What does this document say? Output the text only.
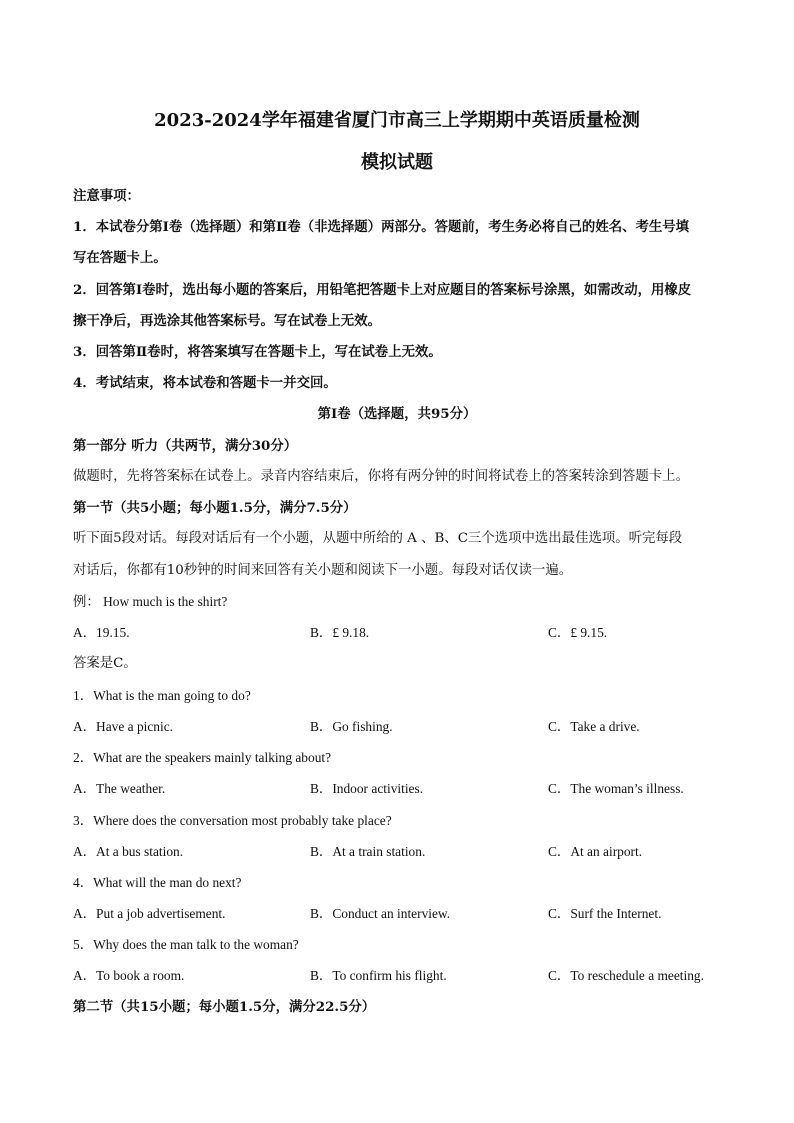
2023-2024学年福建省厦门市高三上学期期中英语质量检测
模拟试题
注意事项：
1．本试卷分第Ⅰ卷（选择题）和第Ⅱ卷（非选择题）两部分。答题前，考生务必将自己的姓名、考生号填
写在答题卡上。
2．回答第Ⅰ卷时，选出每小题的答案后，用铅笔把答题卡上对应题目的答案标号涂黑，如需改动，用橡皮
擦干净后，再选涂其他答案标号。写在试卷上无效。
3．回答第Ⅱ卷时，将答案填写在答题卡上，写在试卷上无效。
4．考试结束，将本试卷和答题卡一并交回。
第Ⅰ卷（选择题，共95分）
第一部分 听力（共两节，满分30分）
做题时，先将答案标在试卷上。录音内容结束后，你将有两分钟的时间将试卷上的答案转涂到答题卡上。
第一节（共5小题；每小题1.5分，满分7.5分）
听下面5段对话。每段对话后有一个小题，从题中所给的 A 、B、C三个选项中选出最佳选项。听完每段
对话后，你都有10秒钟的时间来回答有关小题和阅读下一小题。每段对话仅读一遍。
例： How much is the shirt?
A．19.15.	B．£ 9.18.	C．£ 9.15.
答案是C。
1．What is the man going to do?
A．Have a picnic.	B．Go fishing.	C．Take a drive.
2．What are the speakers mainly talking about?
A．The weather.	B．Indoor activities.	C．The woman’s illness.
3．Where does the conversation most probably take place?
A．At a bus station.	B．At a train station.	C．At an airport.
4．What will the man do next?
A．Put a job advertisement.	B．Conduct an interview.	C．Surf the Internet.
5．Why does the man talk to the woman?
A．To book a room.	B．To confirm his flight.	C．To reschedule a meeting.
第二节（共15小题；每小题1.5分，满分22.5分）
